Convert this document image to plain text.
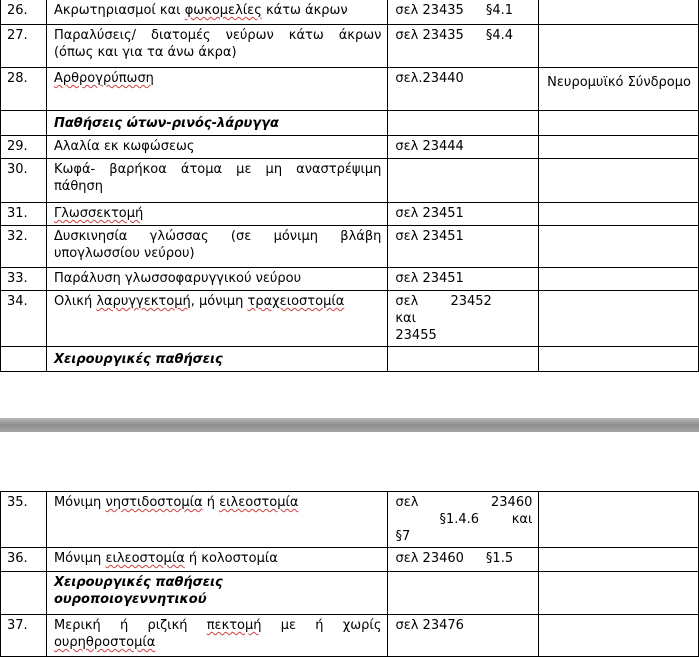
26.	Ακρωτηριασμοί και φωκομελίες κάτω άκρων	σελ 23435 §4.1	
27.	Παραλύσεις/ διατομές νεύρων κάτω άκρων (όπως και για τα άνω άκρα)	σελ 23435 §4.4	
28.	Αρθρογρύπωση	σελ.23440	Νευρομυϊκό Σύνδρομο
	Παθήσεις ώτων-ρινός-λάρυγγα		
29.	Αλαλία εκ κωφώσεως	σελ 23444	
30.	Κωφά- βαρήκοα άτομα με μη αναστρέψιμη πάθηση		
31.	Γλωσσεκτομή	σελ 23451	
32.	Δυσκινησία γλώσσας (σε μόνιμη βλάβη υπογλωσσίου νεύρου)	σελ 23451	
33.	Παράλυση γλωσσοφαρυγγικού νεύρου	σελ 23451	
34.	Ολική λαρυγγεκτομή, μόνιμη τραχειοστομία	σελ 23452 και
23455	

	Χειρουργικές παθήσεις		
35.	Μόνιμη νηστιδοστομία ή ειλεοστομία	σελ 23460
§1.4.6 και
§7	

36.	Μόνιμη ειλεοστομία ή κολοστομία	σελ 23460 §1.5	

	Χειρουργικές παθήσεις
ουροποιογεννητικού		

37.	Μερική ή ριζική πεκτομή με ή χωρίς ουρηθροστομία	σελ 23476	
